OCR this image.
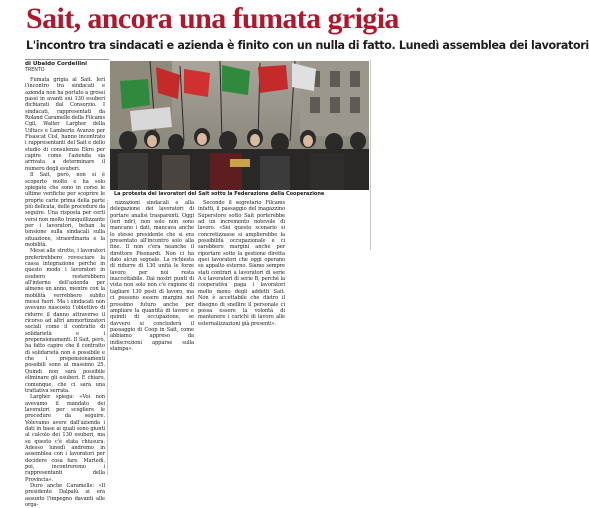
Sait, ancora una fumata grigia
L'incontro tra sindacati e azienda è finito con un nulla di fatto. Lunedì assemblea dei lavoratori
di Ubaldo Cordellini
TRENTO

Fumata grigia al Sait. Ieri l'incontro tra sindacati e azienda non ha portato a grossi passi in avanti sui 130 esuberi dichiarati dal Consorzio. I sindacati, rappresentati da Roland Caramelle della Filcams Cgil, Walter Largher della Uiltucs e Lamberto Avanzo per Fisascat Cisl, hanno incontrato i rappresentanti del Sait e dello studio di consulenza Ekro per capire come l'azienda sia arrivata a determinare il numero degli esuberi.

Il Sait, però, non si è scoperto molto e ha solo spiegato che sono in corso le ultime verifiche per scoprire le proprie carte prima della parte più delicata, delle procedure da seguire. Una risposta per certi versi non molto tranquillizzante per i lavoratori, behan la tensione sulla sindacali sulla situazione, straordinaria e la mobilità.

Messi alle strette, i lavoratori preferirebbero rovesciare la cassa integrazione perché in questo modo i lavoratori in esubero resterebbero all'interno dell'azienda per almeno un anno, mentre con la mobilità verrebbero subito messi fuori. Ma i sindacati non avevano nascosto l'obiettivo di ridurre il danno attraverso il ricorso ad altri ammortizzatori sociali come il contratto di solidarietà e i prepensionamenti. Il Sait, però, ha fatto capire che il contratto di solidarietà non è possibile e che i prepensionamenti possibili sono al massimo 25. Quindi non sarà possibile eliminare gli esuberi. E chiaro, comunque, che ci sarà una trattativa serrata.

Largher spiega: «Voi non avevamo il mandato dei lavoratori per scegliere le procedure da seguire. Volevamo avere dall'azienda i dati in base ai quali sono giunti al calcolo dei 130 esuberi, ma su questo c'è stata chiusura. Adesso lunedì andremo in assemblea con i lavoratori per decidere cosa fare. Martedì, poi, incontreremo i rappresentanti della Provincia».

Duro anche Caramelle: «Il presidente Dalpalù si era assunto l'impegno davanti alle orga-

La protesta dei lavoratori del Sait sotto la Federazione della Cooperazione

nizzazioni sindacali e alla delegazione dei lavoratori di portare analisi trasparenti. Oggi (ieri ndr), non solo non sono mancano i dati, mancava anche lo stesso presidente che si era presentato all'incontro solo alla fine. Il non c'era neanche il direttore Pisonardi. Non ci ha dato alcun segnale. La richiesta di ridurre di 130 unità le forze lavoro per noi resta inaccettabile. Dai nostri punti di vista non solo non c'è ragione di tagliare 130 posti di lavoro, ma ci possono essere margini nel prossimo futuro anche per ampliare la quantità di lavoro e quindi di occupazione, se davvero si concluderà il passaggio di Coop in Sait, come abbiamo appreso da indiscrezioni apparse sulla stampa».

Secondo il segretario Filcams infatti, il passaggio del magazzino Superstore sotto Sait porterebbe ad un incremento notevole di lavoro. «Sei questo scenario si concretizzasse si amplierebbe la possibilità occupazionale e ci sarebbero margini anche per riportare sotto la gestione diretta quei lavoratori che oggi operano su appalto esterno. Siamo sempre stati contrari a lavoratori di serie A e lavoratori di serie B, perché la cooperativa paga i lavoratori molto meno degli addetti Sait. Non è accettabile che dietro il disegno di snellire il personale ci possa essere la volontà di mantenere i carichi di lavoro alle esternalizzazioni già presenti».
